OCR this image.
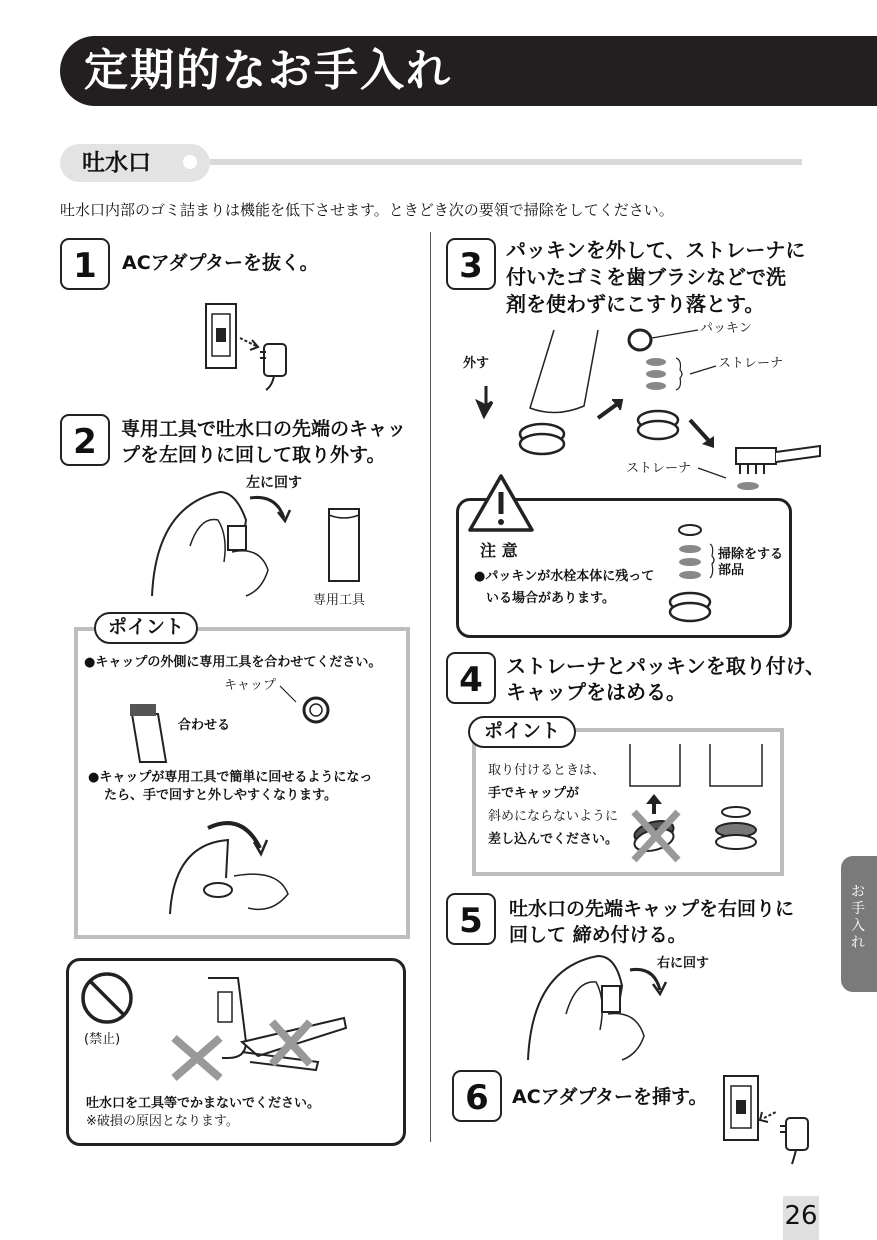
定期的なお手入れ
吐水口
吐水口内部のゴミ詰まりは機能を低下させます。ときどき次の要領で掃除をしてください。
1	ACアダプターを抜く。
2	専用工具で吐水口の先端のキャッ
プを左回りに回して取り外す。
左に回す
専用工具
ポイント
●キャップの外側に専用工具を合わせてください。
キャップ
合わせる
●キャップが専用工具で簡単に回せるようになっ
たら、手で回すと外しやすくなります。
(禁止)
吐水口を工具等でかまないでください。
※破損の原因となります。
3	パッキンを外して、ストレーナに
付いたゴミを歯ブラシなどで洗
剤を使わずにこすり落とす。
外す
パッキン
ストレーナ
ストレーナ
注 意
●パッキンが水栓本体に残って
いる場合があります。
掃除をする
部品
4	ストレーナとパッキンを取り付け、
キャップをはめる。
ポイント
取り付けるときは、
手でキャップが
斜めにならないように
差し込んでください。
5	吐水口の先端キャップを右回りに
回して 締め付ける。
右に回す
6	ACアダプターを挿す。
お手入れ
26
